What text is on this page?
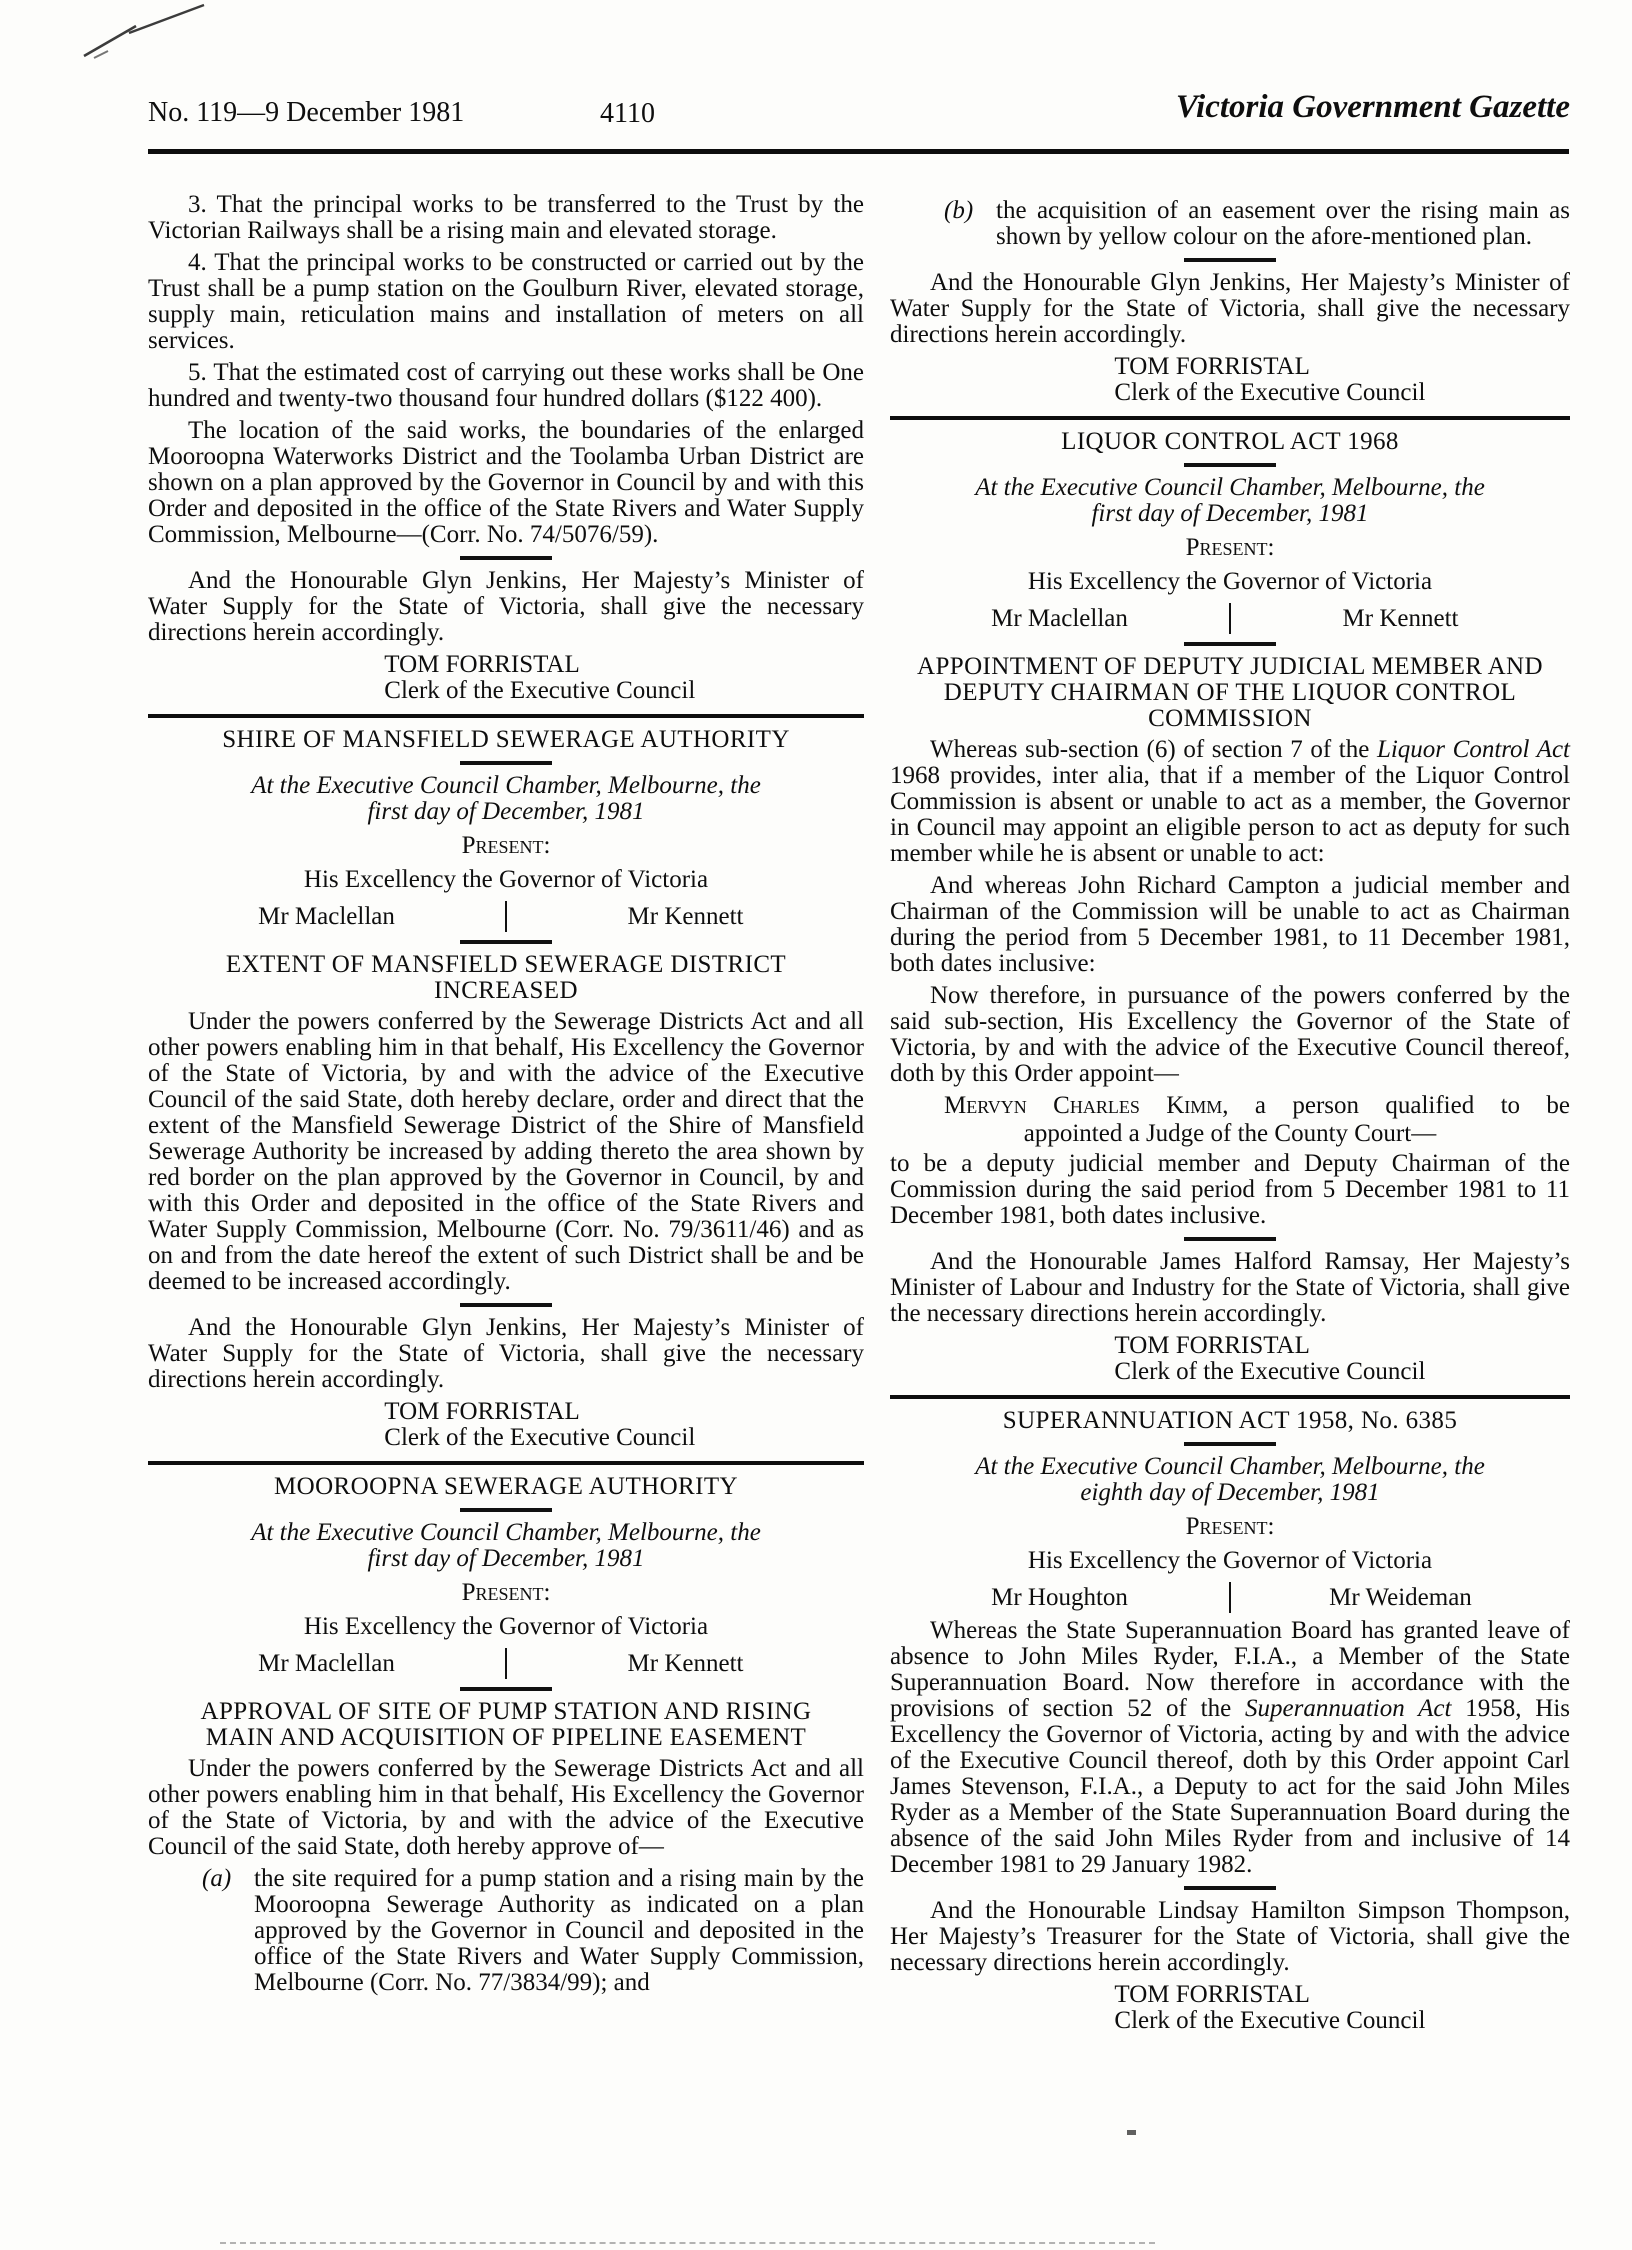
No. 119—9 December 1981	4110	Victoria Government Gazette

3. That the principal works to be transferred to the Trust by the Victorian Railways shall be a rising main and elevated storage.

4. That the principal works to be constructed or carried out by the Trust shall be a pump station on the Goulburn River, elevated storage, supply main, reticulation mains and installation of meters on all services.

5. That the estimated cost of carrying out these works shall be One hundred and twenty-two thousand four hundred dollars ($122 400).

The location of the said works, the boundaries of the enlarged Mooroopna Waterworks District and the Toolamba Urban District are shown on a plan approved by the Governor in Council by and with this Order and deposited in the office of the State Rivers and Water Supply Commission, Melbourne—(Corr. No. 74/5076/59).

And the Honourable Glyn Jenkins, Her Majesty’s Minister of Water Supply for the State of Victoria, shall give the necessary directions herein accordingly.

TOM FORRISTAL
Clerk of the Executive Council
SHIRE OF MANSFIELD SEWERAGE AUTHORITY
At the Executive Council Chamber, Melbourne, the
first day of December, 1981
Present:
His Excellency the Governor of Victoria
Mr Maclellan	Mr Kennett
EXTENT OF MANSFIELD SEWERAGE DISTRICT
INCREASED

Under the powers conferred by the Sewerage Districts Act and all other powers enabling him in that behalf, His Excellency the Governor of the State of Victoria, by and with the advice of the Executive Council of the said State, doth hereby declare, order and direct that the extent of the Mansfield Sewerage District of the Shire of Mansfield Sewerage Authority be increased by adding thereto the area shown by red border on the plan approved by the Governor in Council, by and with this Order and deposited in the office of the State Rivers and Water Supply Commission, Melbourne (Corr. No. 79/3611/46) and as on and from the date hereof the extent of such District shall be and be deemed to be increased accordingly.

And the Honourable Glyn Jenkins, Her Majesty’s Minister of Water Supply for the State of Victoria, shall give the necessary directions herein accordingly.

TOM FORRISTAL
Clerk of the Executive Council
MOOROOPNA SEWERAGE AUTHORITY
At the Executive Council Chamber, Melbourne, the
first day of December, 1981
Present:
His Excellency the Governor of Victoria
Mr Maclellan	Mr Kennett
APPROVAL OF SITE OF PUMP STATION AND RISING
MAIN AND ACQUISITION OF PIPELINE EASEMENT

Under the powers conferred by the Sewerage Districts Act and all other powers enabling him in that behalf, His Excellency the Governor of the State of Victoria, by and with the advice of the Executive Council of the said State, doth hereby approve of—

(a) the site required for a pump station and a rising main by the Mooroopna Sewerage Authority as indicated on a plan approved by the Governor in Council and deposited in the office of the State Rivers and Water Supply Commission, Melbourne (Corr. No. 77/3834/99); and

(b) the acquisition of an easement over the rising main as shown by yellow colour on the afore-mentioned plan.

And the Honourable Glyn Jenkins, Her Majesty’s Minister of Water Supply for the State of Victoria, shall give the necessary directions herein accordingly.

TOM FORRISTAL
Clerk of the Executive Council
LIQUOR CONTROL ACT 1968
At the Executive Council Chamber, Melbourne, the
first day of December, 1981
Present:
His Excellency the Governor of Victoria
Mr Maclellan	Mr Kennett
APPOINTMENT OF DEPUTY JUDICIAL MEMBER AND
DEPUTY CHAIRMAN OF THE LIQUOR CONTROL
COMMISSION

Whereas sub-section (6) of section 7 of the Liquor Control Act 1968 provides, inter alia, that if a member of the Liquor Control Commission is absent or unable to act as a member, the Governor in Council may appoint an eligible person to act as deputy for such member while he is absent or unable to act:

And whereas John Richard Campton a judicial member and Chairman of the Commission will be unable to act as Chairman during the period from 5 December 1981, to 11 December 1981, both dates inclusive:

Now therefore, in pursuance of the powers conferred by the said sub-section, His Excellency the Governor of the State of Victoria, by and with the advice of the Executive Council thereof, doth by this Order appoint—

Mervyn Charles Kimm, a person qualified to be

appointed a Judge of the County Court—

to be a deputy judicial member and Deputy Chairman of the Commission during the said period from 5 December 1981 to 11 December 1981, both dates inclusive.

And the Honourable James Halford Ramsay, Her Majesty’s Minister of Labour and Industry for the State of Victoria, shall give the necessary directions herein accordingly.

TOM FORRISTAL
Clerk of the Executive Council
SUPERANNUATION ACT 1958, No. 6385
At the Executive Council Chamber, Melbourne, the
eighth day of December, 1981
Present:
His Excellency the Governor of Victoria
Mr Houghton	Mr Weideman

Whereas the State Superannuation Board has granted leave of absence to John Miles Ryder, F.I.A., a Member of the State Superannuation Board. Now therefore in accordance with the provisions of section 52 of the Superannuation Act 1958, His Excellency the Governor of Victoria, acting by and with the advice of the Executive Council thereof, doth by this Order appoint Carl James Stevenson, F.I.A., a Deputy to act for the said John Miles Ryder as a Member of the State Superannuation Board during the absence of the said John Miles Ryder from and inclusive of 14 December 1981 to 29 January 1982.

And the Honourable Lindsay Hamilton Simpson Thompson, Her Majesty’s Treasurer for the State of Victoria, shall give the necessary directions herein accordingly.

TOM FORRISTAL
Clerk of the Executive Council
